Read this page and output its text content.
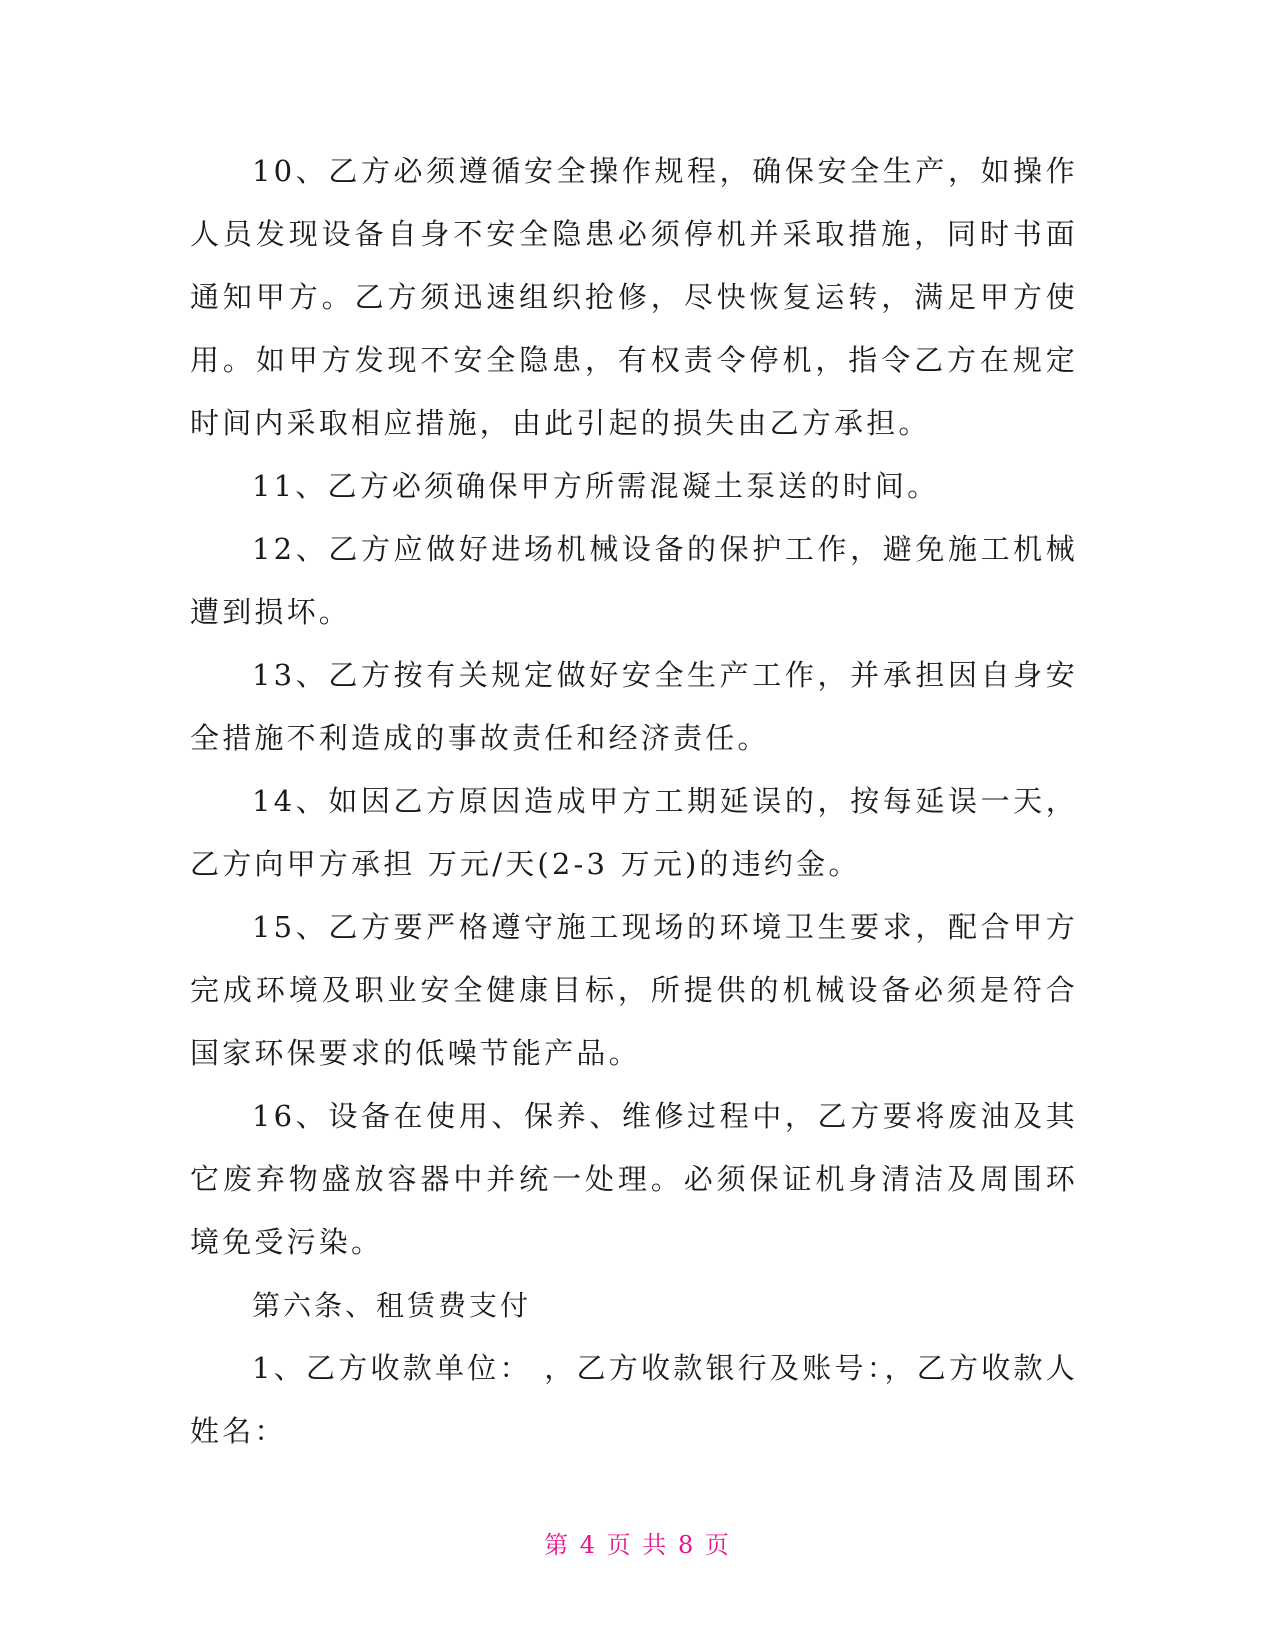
10、乙方必须遵循安全操作规程，确保安全生产，如操作人员发现设备自身不安全隐患必须停机并采取措施，同时书面通知甲方。乙方须迅速组织抢修，尽快恢复运转，满足甲方使用。如甲方发现不安全隐患，有权责令停机，指令乙方在规定时间内采取相应措施，由此引起的损失由乙方承担。

11、乙方必须确保甲方所需混凝土泵送的时间。

12、乙方应做好进场机械设备的保护工作，避免施工机械遭到损坏。

13、乙方按有关规定做好安全生产工作，并承担因自身安全措施不利造成的事故责任和经济责任。

14、如因乙方原因造成甲方工期延误的，按每延误一天，乙方向甲方承担 万元/天(2-3 万元)的违约金。

15、乙方要严格遵守施工现场的环境卫生要求，配合甲方完成环境及职业安全健康目标，所提供的机械设备必须是符合国家环保要求的低噪节能产品。

16、设备在使用、保养、维修过程中，乙方要将废油及其它废弃物盛放容器中并统一处理。必须保证机身清洁及周围环境免受污染。

第六条、租赁费支付

1、乙方收款单位： ，乙方收款银行及账号：，乙方收款人姓名：

第 4 页 共 8 页
